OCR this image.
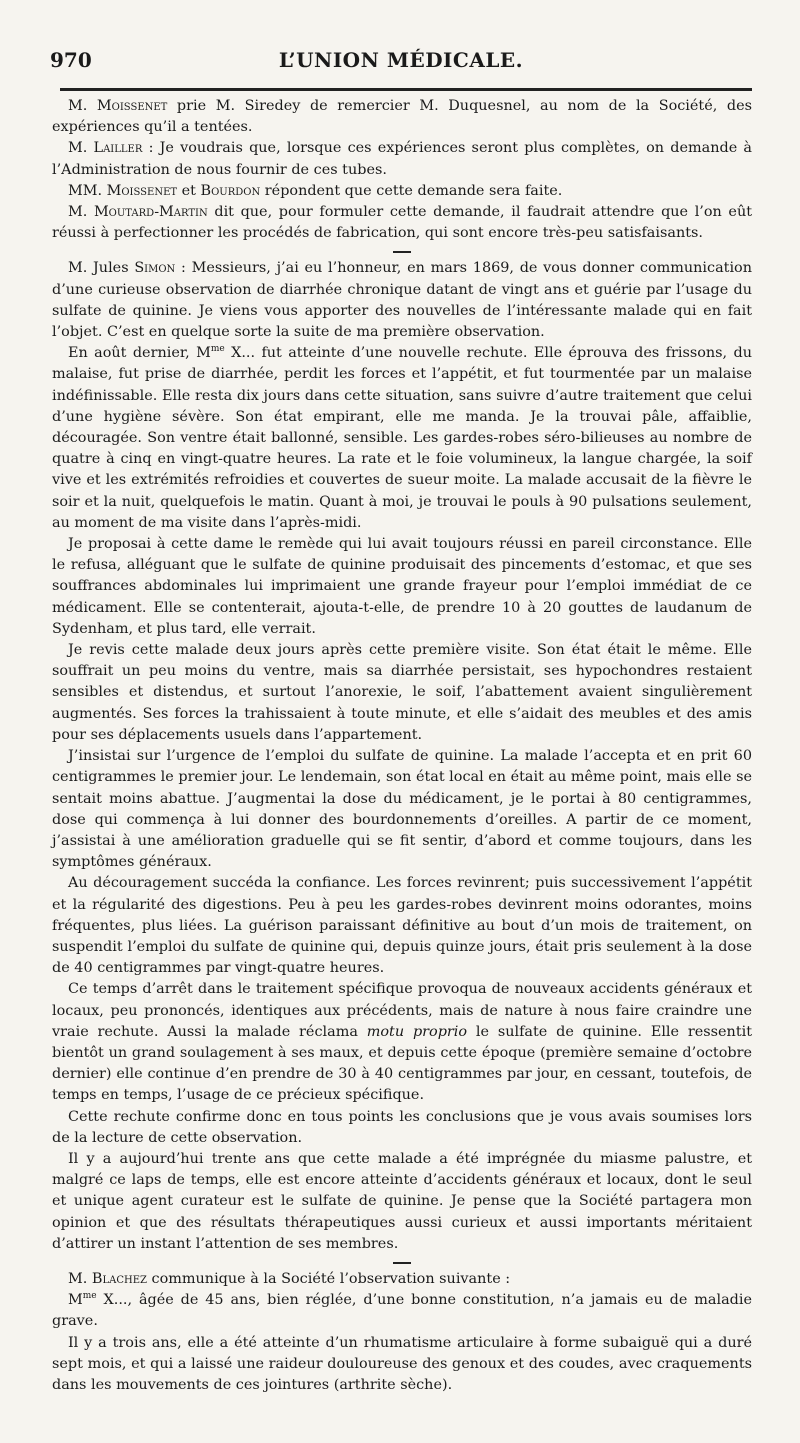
970	L’UNION MÉDICALE.

M. Moissenet prie M. Siredey de remercier M. Duquesnel, au nom de la Société, des expériences qu’il a tentées.

M. Lailler : Je voudrais que, lorsque ces expériences seront plus complètes, on demande à l’Administration de nous fournir de ces tubes.

MM. Moissenet et Bourdon répondent que cette demande sera faite.

M. Moutard-Martin dit que, pour formuler cette demande, il faudrait attendre que l’on eût réussi à perfectionner les procédés de fabrication, qui sont encore très-peu satisfaisants.

M. Jules Simon : Messieurs, j’ai eu l’honneur, en mars 1869, de vous donner communication d’une curieuse observation de diarrhée chronique datant de vingt ans et guérie par l’usage du sulfate de quinine. Je viens vous apporter des nouvelles de l’intéressante malade qui en fait l’objet. C’est en quelque sorte la suite de ma première observation.

En août dernier, $M^{me}$ X... fut atteinte d’une nouvelle rechute. Elle éprouva des frissons, du malaise, fut prise de diarrhée, perdit les forces et l’appétit, et fut tourmentée par un malaise indéfinissable. Elle resta dix jours dans cette situation, sans suivre d’autre traitement que celui d’une hygiène sévère. Son état empirant, elle me manda. Je la trouvai pâle, affaiblie, découragée. Son ventre était ballonné, sensible. Les gardes-robes séro-bilieuses au nombre de quatre à cinq en vingt-quatre heures. La rate et le foie volumineux, la langue chargée, la soif vive et les extrémités refroidies et couvertes de sueur moite. La malade accusait de la fièvre le soir et la nuit, quelquefois le matin. Quant à moi, je trouvai le pouls à 90 pulsations seulement, au moment de ma visite dans l’après-midi.

Je proposai à cette dame le remède qui lui avait toujours réussi en pareil circonstance. Elle le refusa, alléguant que le sulfate de quinine produisait des pincements d’estomac, et que ses souffrances abdominales lui imprimaient une grande frayeur pour l’emploi immédiat de ce médicament. Elle se contenterait, ajouta-t-elle, de prendre 10 à 20 gouttes de laudanum de Sydenham, et plus tard, elle verrait.

Je revis cette malade deux jours après cette première visite. Son état était le même. Elle souffrait un peu moins du ventre, mais sa diarrhée persistait, ses hypochondres restaient sensibles et distendus, et surtout l’anorexie, le soif, l’abattement avaient singulièrement augmentés. Ses forces la trahissaient à toute minute, et elle s’aidait des meubles et des amis pour ses déplacements usuels dans l’appartement.

J’insistai sur l’urgence de l’emploi du sulfate de quinine. La malade l’accepta et en prit 60 centigrammes le premier jour. Le lendemain, son état local en était au même point, mais elle se sentait moins abattue. J’augmentai la dose du médicament, je le portai à 80 centigrammes, dose qui commença à lui donner des bourdonnements d’oreilles. A partir de ce moment, j’assistai à une amélioration graduelle qui se fit sentir, d’abord et comme toujours, dans les symptômes généraux.

Au découragement succéda la confiance. Les forces revinrent; puis successivement l’appétit et la régularité des digestions. Peu à peu les gardes-robes devinrent moins odorantes, moins fréquentes, plus liées. La guérison paraissant définitive au bout d’un mois de traitement, on suspendit l’emploi du sulfate de quinine qui, depuis quinze jours, était pris seulement à la dose de 40 centigrammes par vingt-quatre heures.

Ce temps d’arrêt dans le traitement spécifique provoqua de nouveaux accidents généraux et locaux, peu prononcés, identiques aux précédents, mais de nature à nous faire craindre une vraie rechute. Aussi la malade réclama motu proprio le sulfate de quinine. Elle ressentit bientôt un grand soulagement à ses maux, et depuis cette époque (première semaine d’octobre dernier) elle continue d’en prendre de 30 à 40 centigrammes par jour, en cessant, toutefois, de temps en temps, l’usage de ce précieux spécifique.

Cette rechute confirme donc en tous points les conclusions que je vous avais soumises lors de la lecture de cette observation.

Il y a aujourd’hui trente ans que cette malade a été imprégnée du miasme palustre, et malgré ce laps de temps, elle est encore atteinte d’accidents généraux et locaux, dont le seul et unique agent curateur est le sulfate de quinine. Je pense que la Société partagera mon opinion et que des résultats thérapeutiques aussi curieux et aussi importants méritaient d’attirer un instant l’attention de ses membres.

M. Blachez communique à la Société l’observation suivante :

$M^{me}$ X..., âgée de 45 ans, bien réglée, d’une bonne constitution, n’a jamais eu de maladie grave.

Il y a trois ans, elle a été atteinte d’un rhumatisme articulaire à forme subaiguë qui a duré sept mois, et qui a laissé une raideur douloureuse des genoux et des coudes, avec craquements dans les mouvements de ces jointures (arthrite sèche).
